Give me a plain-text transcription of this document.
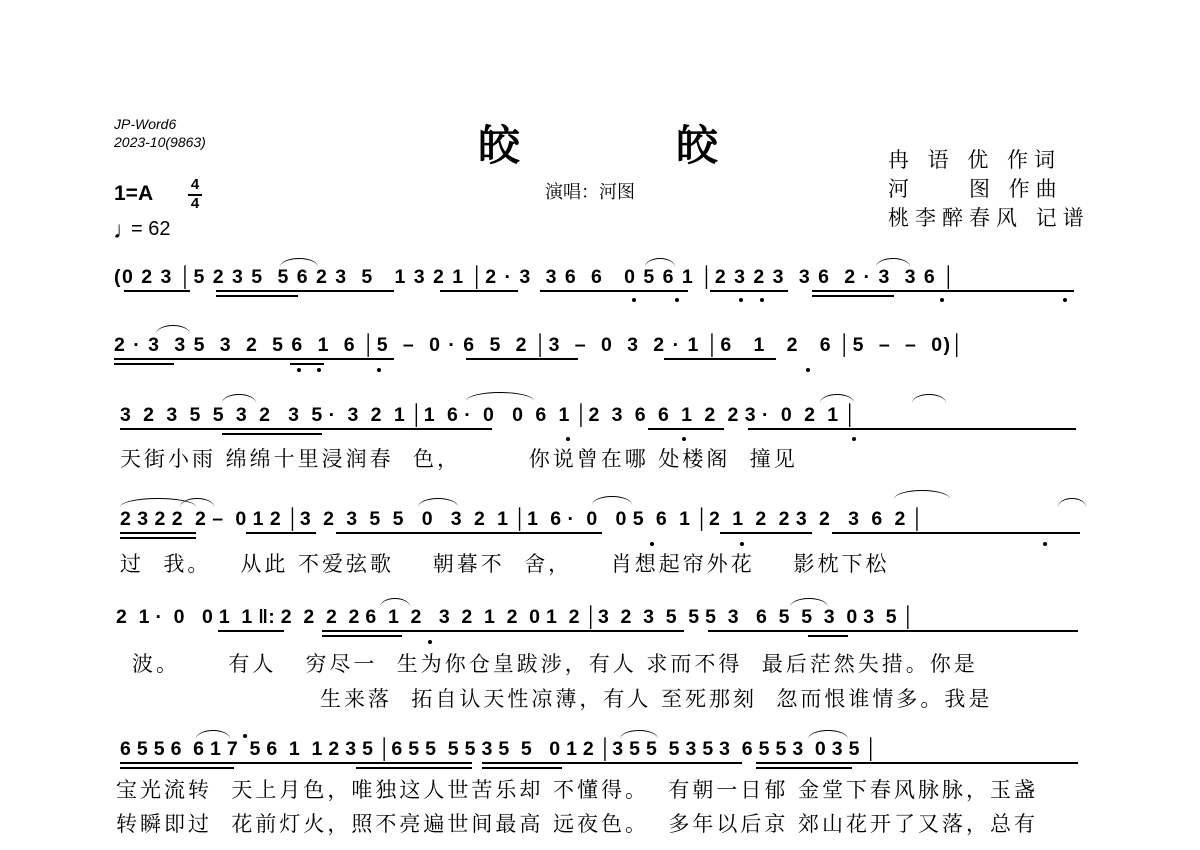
JP-Word6
2023-10(9863)	皎	皎
演唱：河图
冉 语 优 作词
河　　图 作曲
桃李醉春风 记谱
1=A	4
4
♩
= 62
(0 2 3 │5 2 3 5  5 6 2 3  5   1 3 2 1 │2 · 3  3 6  6   0 5 6 1 │2 3 2 3  3 6  2 · 3  3 6 │
2 · 3  3 5  3  2  5 6  1  6 │5  –  0 · 6  5  2 │3  –  0  3  2 · 1 │6   1   2   6 │5  –  –  0)│
3  2  3  5  5  3  2   3  5 ·  3  2  1 │1  6 ·  0   0  6  1 │2  3  6  6  1  2  2 3 ·  0  2  1 │
天街小雨 绵绵十里浸润春  色，       你说曾在哪 处楼阁  撞见
2 3 2 2  2 –  0 1 2 │3  2  3  5  5   0   3  2  1 │1  6 ·  0   0 5  6  1 │2  1  2  2 3  2   3  6  2 │
过  我。   从此 不爱弦歌    朝暮不  舍，    肖想起帘外花    影枕下松
2  1 ·  0   0 1  1 ‖: 2  2  2  2 6  1  2   3  2  1  2  0 1  2 │3  2  3  5  5 5  3   6  5  5  3  0 3  5 │
波。     有人   穷尽一  生为你仓皇跋涉，有人 求而不得  最后茫然失措。你是
生来落  拓自认天性凉薄，有人 至死那刻  忽而恨谁情多。我是
6 5 5 6  6 1 7  5 6  1  1 2 3 5 │6 5 5  5 5 3 5  5   0 1 2 │3 5 5  5 3 5 3  6 5 5 3  0 3 5 │
宝光流转  天上月色，唯独这人世苦乐却 不懂得。  有朝一日郁 金堂下春风脉脉，玉盏
转瞬即过  花前灯火，照不亮遍世间最高 远夜色。  多年以后京 郊山花开了又落，总有
